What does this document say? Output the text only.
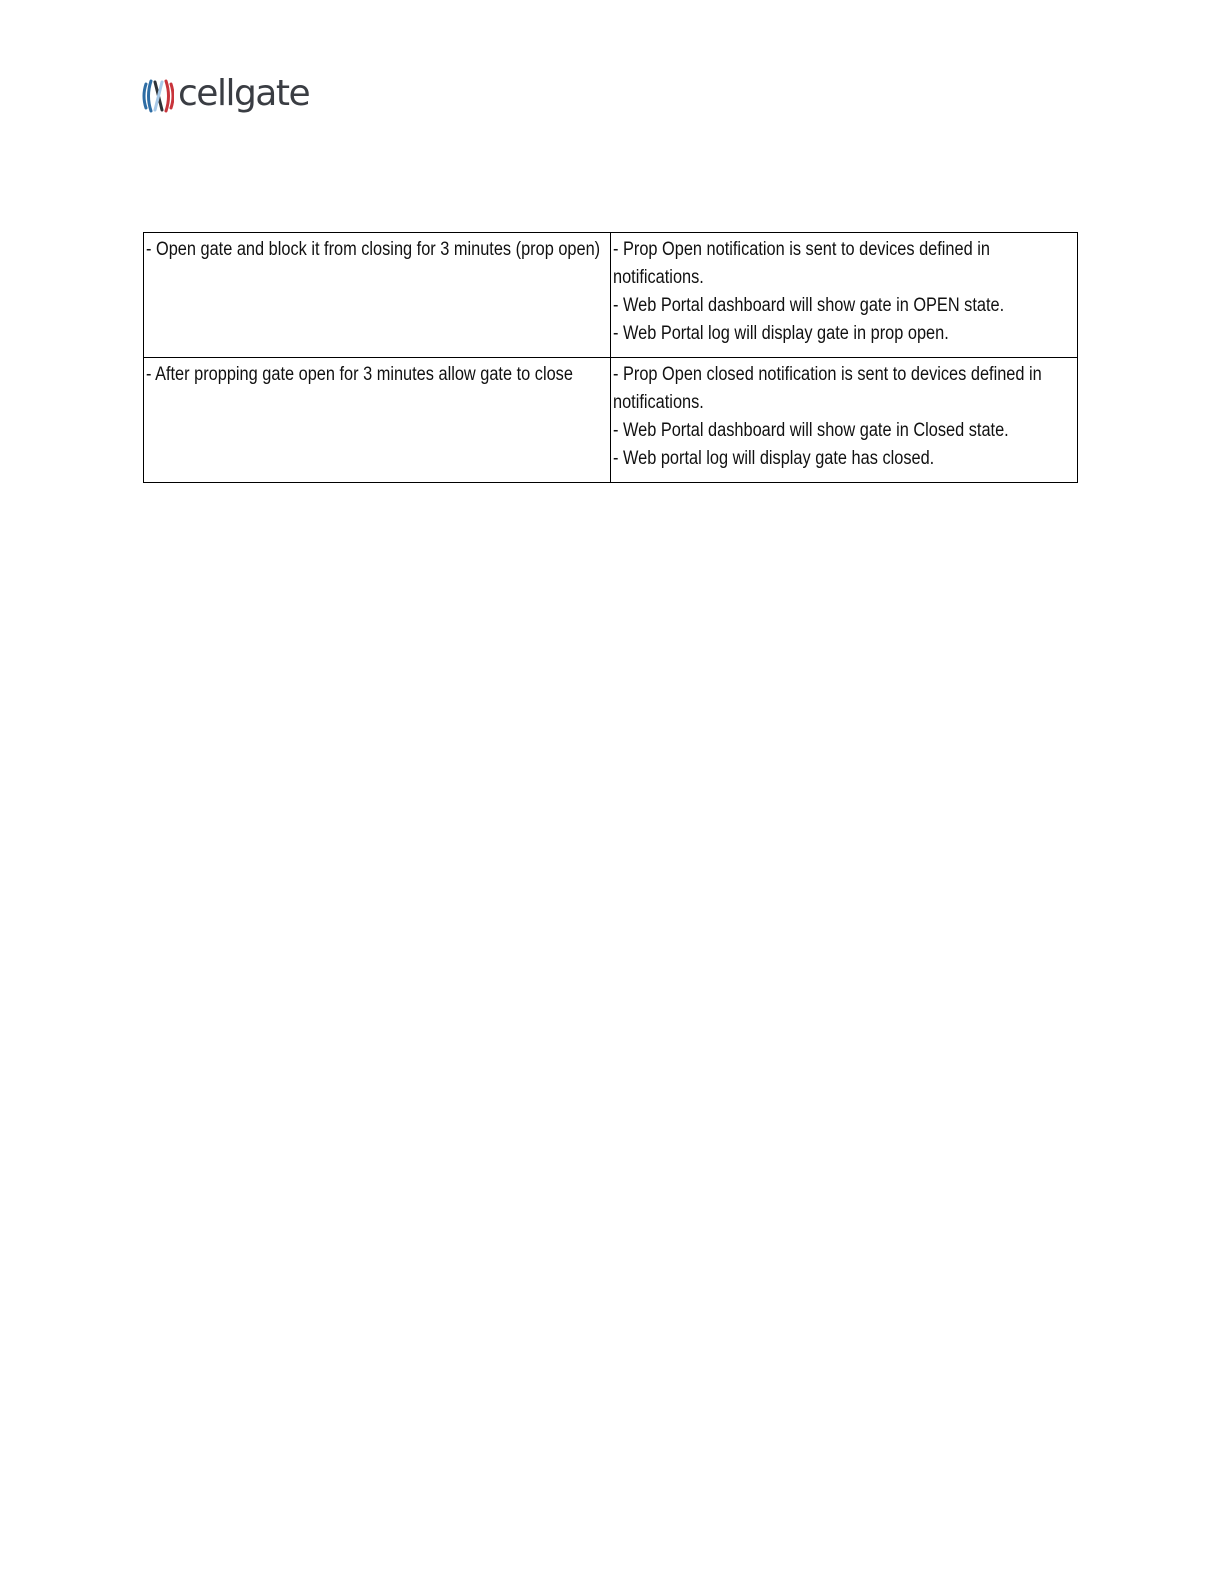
cellgate
- Open gate and block it from closing for 3 minutes (prop open)	- Prop Open notification is sent to devices defined in notifications.
- Web Portal dashboard will show gate in OPEN state.
- Web Portal log will display gate in prop open.

- After propping gate open for 3 minutes allow gate to close	- Prop Open closed notification is sent to devices defined in notifications.
- Web Portal dashboard will show gate in Closed state.
- Web portal log will display gate has closed.
